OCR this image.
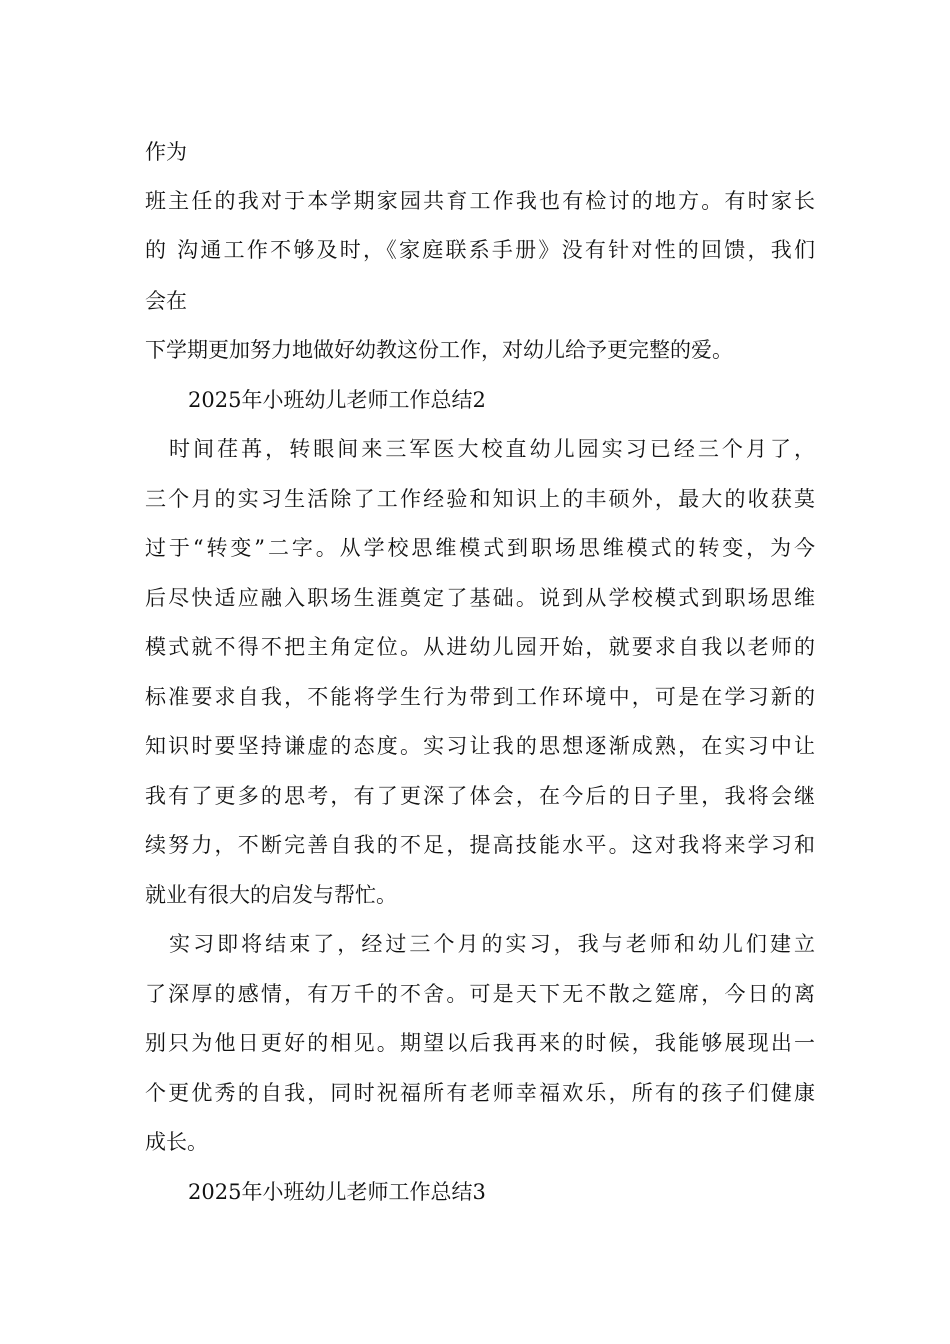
作为
班主任的我对于本学期家园共育工作我也有检讨的地方。有时家长
的 沟通工作不够及时，《家庭联系手册》没有针对性的回馈，我们
会在
下学期更加努力地做好幼教这份工作，对幼儿给予更完整的爱。
2025年小班幼儿老师工作总结2
　时间荏苒，转眼间来三军医大校直幼儿园实习已经三个月了，
三个月的实习生活除了工作经验和知识上的丰硕外，最大的收获莫
过于“转变”二字。从学校思维模式到职场思维模式的转变，为今
后尽快适应融入职场生涯奠定了基础。说到从学校模式到职场思维
模式就不得不把主角定位。从进幼儿园开始，就要求自我以老师的
标准要求自我，不能将学生行为带到工作环境中，可是在学习新的
知识时要坚持谦虚的态度。实习让我的思想逐渐成熟，在实习中让
我有了更多的思考，有了更深了体会，在今后的日子里，我将会继
续努力，不断完善自我的不足，提高技能水平。这对我将来学习和
就业有很大的启发与帮忙。
　实习即将结束了，经过三个月的实习，我与老师和幼儿们建立
了深厚的感情，有万千的不舍。可是天下无不散之筵席，今日的离
别只为他日更好的相见。期望以后我再来的时候，我能够展现出一
个更优秀的自我，同时祝福所有老师幸福欢乐，所有的孩子们健康
成长。
2025年小班幼儿老师工作总结3
